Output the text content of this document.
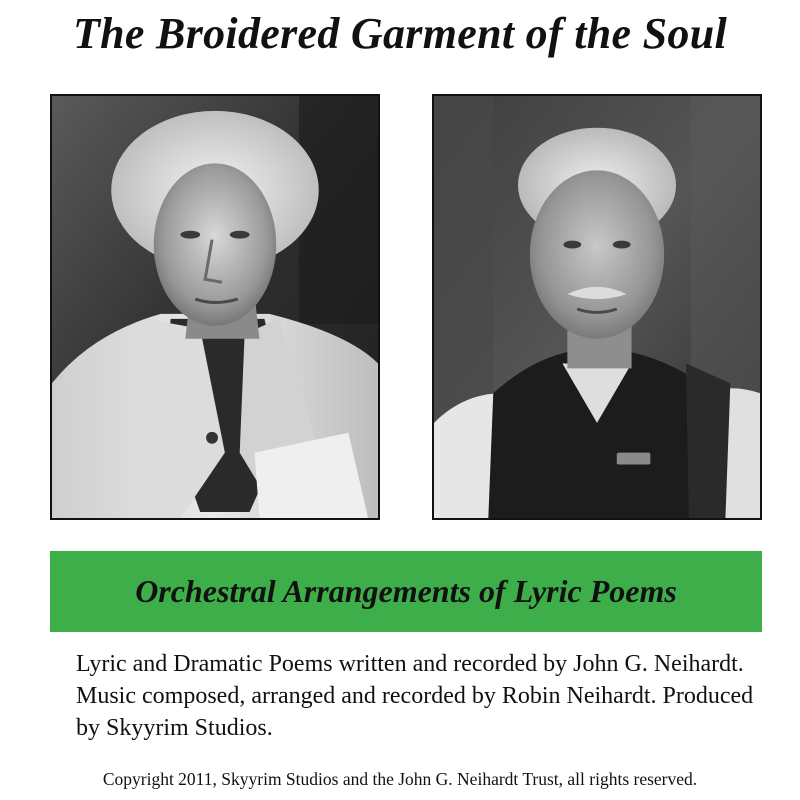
The Broidered Garment of the Soul
Orchestral Arrangements of Lyric Poems
Lyric and Dramatic Poems written and recorded by John G. Neihardt. Music composed, arranged and recorded by Robin Neihardt. Produced by Skyyrim Studios.
Copyright 2011, Skyyrim Studios and the John G. Neihardt Trust, all rights reserved.
